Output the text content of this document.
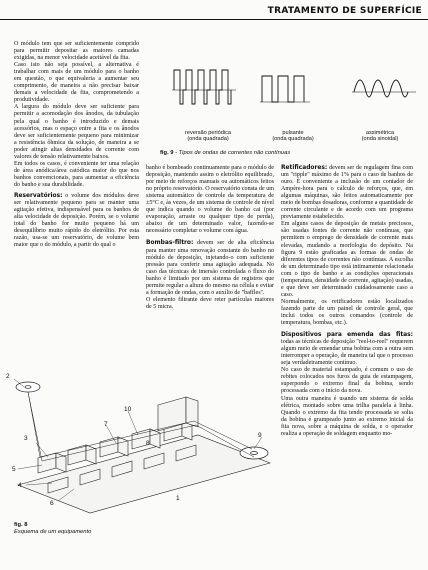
TRATAMENTO DE SUPERFÍCIE
reversão periódica
(onda quadrada)
pulsante
(onda quadrada)
assimétrica
(onda sinoidal)
fig. 9 - Tipos de ondas de correntes não contínuas

O módulo tem que ser suficientemente comprido para permitir depositar as maiores camadas exigidas, na menor velocidade aceitável da fita.

Caso isto não seja possível, a alternativa é trabalhar com mais de um módulo para o banho em questão, o que equivaleria a aumentar seu comprimento, de maneira a não precisar baixar demais a velocidade da fita, comprometendo a produtividade.

A largura do módulo deve ser suficiente para permitir a acomodação dos ânodos, da tubulação pela qual o banho é introduzido e demais acessórios, mas o espaço entre a fita e os ânodos deve ser suficientemente pequeno para minimizar a resistência ôhmica da solução, de maneira a se poder atingir altas densidades de corrente com valores de tensão relativamente baixos.

Em todos os casos, é conveniente ter uma relação de área anódica/área catódica maior do que nos banhos convencionais, para aumentar a eficiência do banho e sua durabilidade.

Reservatórios: o volume dos módulos deve ser relativamente pequeno para se manter uma agitação efetiva, indispensável para os banhos de alta velocidade de deposição. Porém, se o volume total do banho for muito pequeno há um desequilíbrio muito rápido do eletrólito. Por esta razão, usa-se um reservatório, de volume bem maior que o do módulo, a partir do qual o

banho é bombeado continuamente para o módulo de deposição, mantendo assim o eletrólito equilibrado, por meio de reforços manuais ou automáticos feitos no próprio reservatório. O reservatório consta de um sistema automático de controle da temperatura de ±5°C e, às vezes, de um sistema de controle de nível que indica quando o volume do banho cai (por evaporação, arraste ou qualquer tipo de perda), abaixo de um determinado valor, fazendo-se necessário completar o volume com água.

Bombas-filtro: devem ser de alta eficiência para manter uma renovação constante do banho no módulo de deposição, injetando-o com suficiente pressão para conferir uma agitação adequada. No caso das técnicas de imersão controlada o fluxo do banho é limitado por um sistema de registros que permite regular a altura do mesmo na célula e evitar a formação de ondas, com o auxílio de "baffles".

O elemento filtrante deve reter partículas maiores de 5 micra.

Retificadores: devem ser de regulagem fina com um "ripple" máximo de 1% para o caso de banhos de ouro. É conveniente a inclusão de um contador de Ampère-hora para o cálculo de reforços, que, em algumas máquinas, são feitos automaticamente por meio de bombas dosadoras, conforme a quantidade de corrente circulante e de acordo com um programa previamente estabelecido.

Em alguns casos de deposição de metais preciosos, são usadas fontes de corrente não contínuas, que permitem o emprego de densidade de corrente mais elevadas, mudando a morfologia do depósito. Na figura 9 estão graficadas as formas de ondas de diferentes tipos de correntes não contínuas. A escolha de um determinado tipo está intimamente relacionada com o tipo de banho e as condições operacionais (temperatura, densidade de corrente, agitação) usadas, e que deve ser determinado cuidadosamente caso a caso.

Normalmente, os retificadores estão localizados fazendo parte de um painel de controle geral, que inclui todos os outros comandos (controle de temperatura, bombas, etc.).

Dispositivos para emenda das fitas: todas as técnicas de deposição "reel-to-reel" requerem algum meio de emendar uma bobina com a outra sem interromper a operação, de maneira tal que o processo seja verdadeiramente contínuo.

No caso de material estampado, é comum o uso de rebites colocados nos furos da guia de estampagem, superpondo o extremo final da bobina, sendo processada com o início da nova.

Uma outra maneira é usando um sistema de solda elétrica, montado sobre uma trilha paralela à linha. Quando o extremo da fita tendo processada se solta da bobina é grampeado junto ao extremo inicial da fita nova, sobre a máquina de solda, e o operador realiza a operação de soldagem enquanto mo-

2
3
5
4
6
7
10
8
9
1
fig. 8
Esquema de um equipamento
